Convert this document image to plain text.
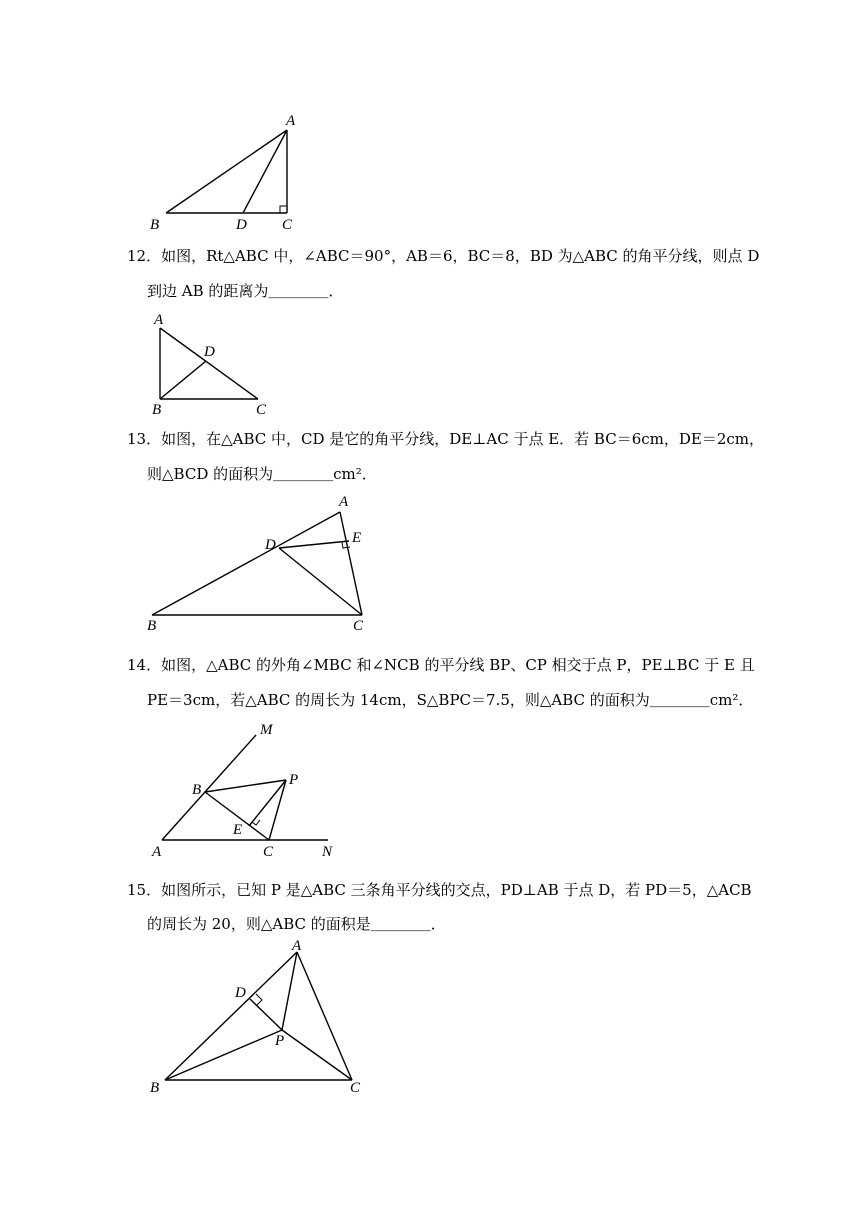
A
B	D C
A
D
B	C
A
D	E
B	C
M
P
B
E
A	C	N
A
D
P
B	C
12．如图，Rt△ABC 中，∠ABC＝90°，AB＝6，BC＝8，BD 为△ABC 的角平分线，则点 D
到边 AB 的距离为＿＿＿＿．
13．如图，在△ABC 中，CD 是它的角平分线，DE⊥AC 于点 E．若 BC＝6cm，DE＝2cm，
则△BCD 的面积为＿＿＿＿cm²．
14．如图，△ABC 的外角∠MBC 和∠NCB 的平分线 BP、CP 相交于点 P，PE⊥BC 于 E 且
PE＝3cm，若△ABC 的周长为 14cm，S△BPC＝7.5，则△ABC 的面积为＿＿＿＿cm²．
15．如图所示，已知 P 是△ABC 三条角平分线的交点，PD⊥AB 于点 D，若 PD＝5，△ACB
的周长为 20，则△ABC 的面积是＿＿＿＿．
